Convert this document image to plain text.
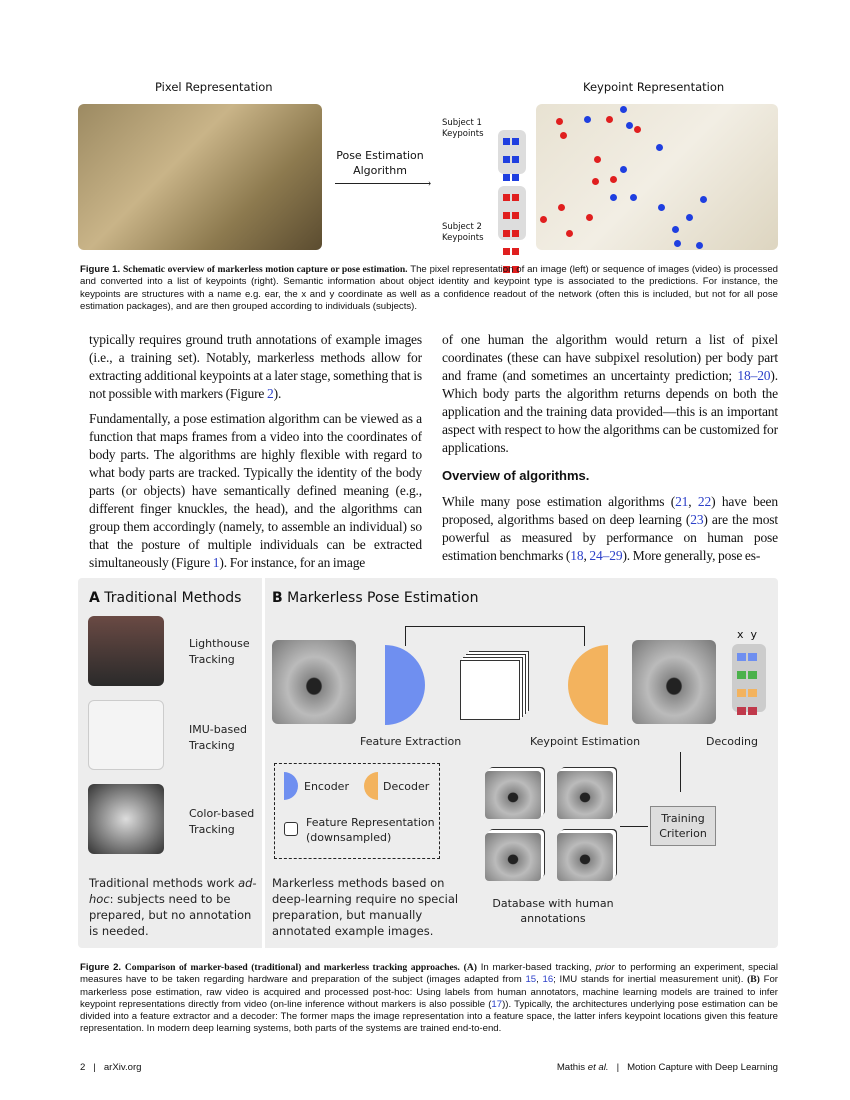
Pixel Representation	Keypoint Representation
Pose Estimation Algorithm
›
Subject 1 Keypoints
Subject 2 Keypoints
Figure 1. Schematic overview of markerless motion capture or pose estimation. The pixel representation of an image (left) or sequence of images (video) is processed and converted into a list of keypoints (right). Semantic information about object identity and keypoint type is associated to the predictions. For instance, the keypoints are structures with a name e.g. ear, the x and y coordinate as well as a confidence readout of the network (often this is included, but not for all pose estimation packages), and are then grouped according to individuals (subjects).

typically requires ground truth annotations of example images (i.e., a training set). Notably, markerless methods allow for extracting additional keypoints at a later stage, something that is not possible with markers (Figure 2).

Fundamentally, a pose estimation algorithm can be viewed as a function that maps frames from a video into the coordinates of body parts. The algorithms are highly flexible with regard to what body parts are tracked. Typically the identity of the body parts (or objects) have semantically defined meaning (e.g., different finger knuckles, the head), and the algorithms can group them accordingly (namely, to assemble an individual) so that the posture of multiple individuals can be extracted simultaneously (Figure 1). For instance, for an image

of one human the algorithm would return a list of pixel coordinates (these can have subpixel resolution) per body part and frame (and sometimes an uncertainty prediction; 18–20). Which body parts the algorithm returns depends on both the application and the training data provided—this is an important aspect with respect to how the algorithms can be customized for applications.

Overview of algorithms.

While many pose estimation algorithms (21, 22) have been proposed, algorithms based on deep learning (23) are the most powerful as measured by performance on human pose estimation benchmarks (18, 24–29). More generally, pose es-

A Traditional Methods
Lighthouse Tracking
IMU-based Tracking
Color-based Tracking
Traditional methods work ad-hoc: subjects need to be prepared, but no annotation is needed.
B Markerless Pose Estimation
x  y
Feature Extraction	Keypoint Estimation	Decoding
Encoder	Decoder
Feature Representation (downsampled)
Training Criterion
Database with human annotations
Markerless methods based on deep-learning require no special preparation, but manually annotated example images.
Figure 2. Comparison of marker-based (traditional) and markerless tracking approaches. (A) In marker-based tracking, prior to performing an experiment, special measures have to be taken regarding hardware and preparation of the subject (images adapted from 15, 16; IMU stands for inertial measurement unit). (B) For markerless pose estimation, raw video is acquired and processed post-hoc: Using labels from human annotators, machine learning models are trained to infer keypoint representations directly from video (on-line inference without markers is also possible (17)). Typically, the architectures underlying pose estimation can be divided into a feature extractor and a decoder: The former maps the image representation into a feature space, the latter infers keypoint locations given this feature representation. In modern deep learning systems, both parts of the systems are trained end-to-end.
2 | arXiv.org	Mathis et al. | Motion Capture with Deep Learning
